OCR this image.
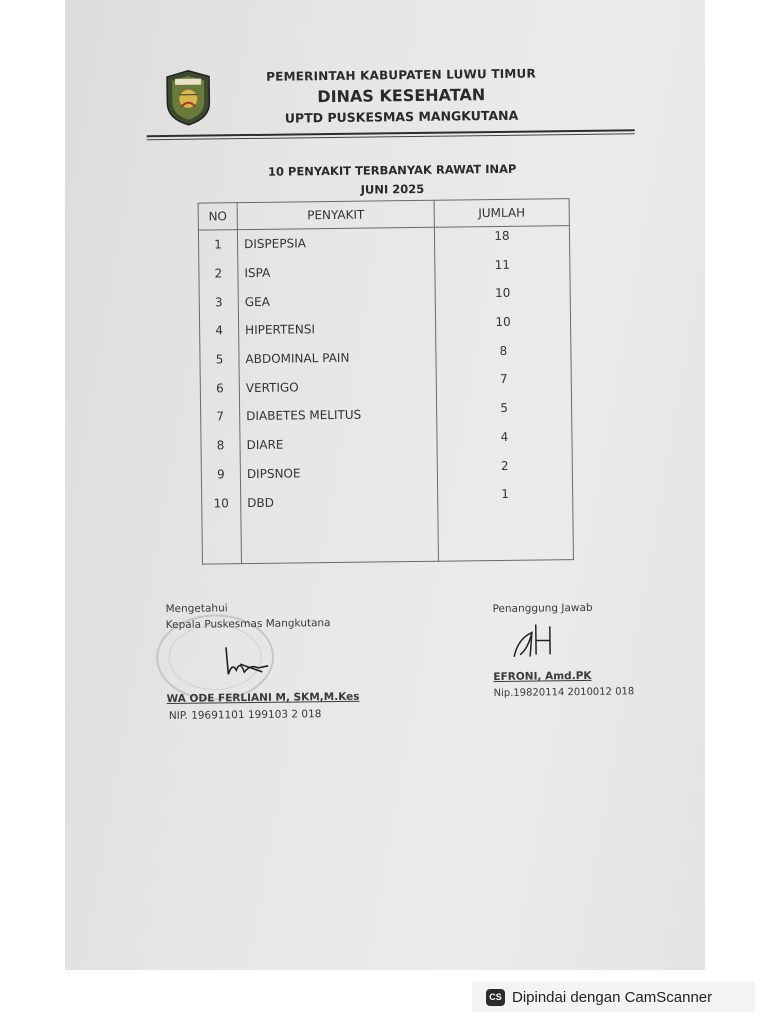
PEMERINTAH KABUPATEN LUWU TIMUR
DINAS KESEHATAN
UPTD PUSKESMAS MANGKUTANA
10 PENYAKIT TERBANYAK RAWAT INAP
JUNI 2025
NO	PENYAKIT	JUMLAH
1	DISPEPSIA	18
2	ISPA	11
3	GEA	10
4	HIPERTENSI	10
5	ABDOMINAL PAIN	8
6	VERTIGO	7
7	DIABETES MELITUS	5
8	DIARE	4
9	DIPSNOE	2
10	DBD	1

Mengetahui
Kepala Puskesmas Mangkutana
WA ODE FERLIANI M, SKM,M.Kes
NIP. 19691101 199103 2 018
Penanggung Jawab
EFRONI, Amd.PK
Nip.19820114 2010012 018
CS Dipindai dengan CamScanner
